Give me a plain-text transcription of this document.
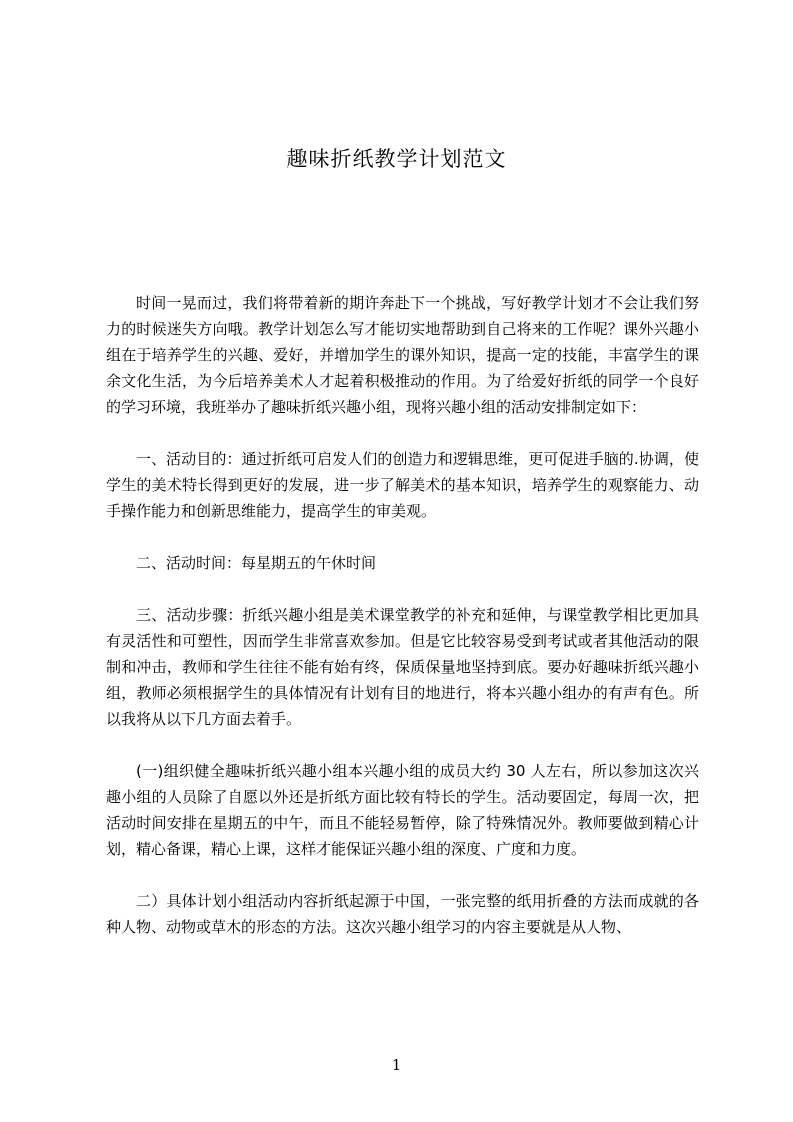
趣味折纸教学计划范文

时间一晃而过，我们将带着新的期许奔赴下一个挑战，写好教学计划才不会让我们努力的时候迷失方向哦。教学计划怎么写才能切实地帮助到自己将来的工作呢？课外兴趣小组在于培养学生的兴趣、爱好，并增加学生的课外知识，提高一定的技能，丰富学生的课余文化生活，为今后培养美术人才起着积极推动的作用。为了给爱好折纸的同学一个良好的学习环境，我班举办了趣味折纸兴趣小组，现将兴趣小组的活动安排制定如下：

一、活动目的：通过折纸可启发人们的创造力和逻辑思维，更可促进手脑的.协调，使学生的美术特长得到更好的发展，进一步了解美术的基本知识，培养学生的观察能力、动手操作能力和创新思维能力，提高学生的审美观。

二、活动时间：每星期五的午休时间

三、活动步骤：折纸兴趣小组是美术课堂教学的补充和延伸，与课堂教学相比更加具有灵活性和可塑性，因而学生非常喜欢参加。但是它比较容易受到考试或者其他活动的限制和冲击，教师和学生往往不能有始有终，保质保量地坚持到底。要办好趣味折纸兴趣小组，教师必须根据学生的具体情况有计划有目的地进行，将本兴趣小组办的有声有色。所以我将从以下几方面去着手。

(一)组织健全趣味折纸兴趣小组本兴趣小组的成员大约 30 人左右，所以参加这次兴趣小组的人员除了自愿以外还是折纸方面比较有特长的学生。活动要固定，每周一次，把活动时间安排在星期五的中午，而且不能轻易暂停，除了特殊情况外。教师要做到精心计划，精心备课，精心上课，这样才能保证兴趣小组的深度、广度和力度。

二）具体计划小组活动内容折纸起源于中国，一张完整的纸用折叠的方法而成就的各种人物、动物或草木的形态的方法。这次兴趣小组学习的内容主要就是从人物、

1
